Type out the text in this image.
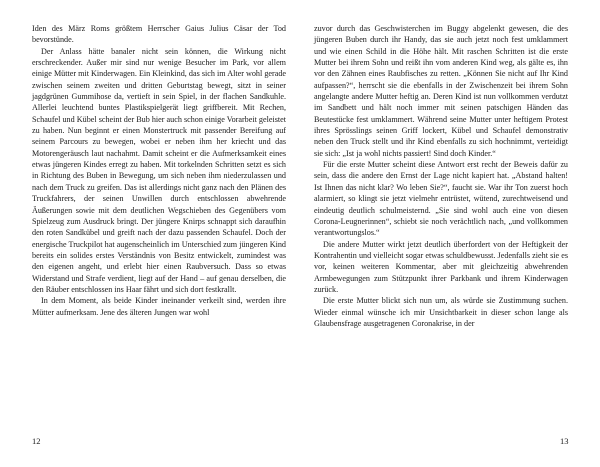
Iden des März Roms größtem Herrscher Gaius Julius Cäsar der Tod bevorstünde.

Der Anlass hätte banaler nicht sein können, die Wirkung nicht erschreckender. Außer mir sind nur wenige Besucher im Park, vor allem einige Mütter mit Kinderwagen. Ein Kleinkind, das sich im Alter wohl gerade zwischen seinem zweiten und dritten Geburtstag bewegt, sitzt in seiner jagdgrünen Gummihose da, vertieft in sein Spiel, in der flachen Sandkuhle. Allerlei leuchtend buntes Plastikspielgerät liegt griffbereit. Mit Rechen, Schaufel und Kübel scheint der Bub hier auch schon einige Vorarbeit geleistet zu haben. Nun beginnt er einen Monstertruck mit passender Bereifung auf seinem Parcours zu bewegen, wobei er neben ihm her kriecht und das Motorengeräusch laut nachahmt. Damit scheint er die Aufmerksamkeit eines etwas jüngeren Kindes erregt zu haben. Mit torkelnden Schritten setzt es sich in Richtung des Buben in Bewegung, um sich neben ihm niederzulassen und nach dem Truck zu greifen. Das ist allerdings nicht ganz nach den Plänen des Truckfahrers, der seinen Unwillen durch entschlossen abwehrende Äußerungen sowie mit dem deutlichen Wegschieben des Gegenübers vom Spielzeug zum Ausdruck bringt. Der jüngere Knirps schnappt sich daraufhin den roten Sandkübel und greift nach der dazu passenden Schaufel. Doch der energische Truckpilot hat augenscheinlich im Unterschied zum jüngeren Kind bereits ein solides erstes Verständnis von Besitz entwickelt, zumindest was den eigenen angeht, und erlebt hier einen Raubversuch. Dass so etwas Widerstand und Strafe verdient, liegt auf der Hand – auf genau derselben, die den Räuber entschlossen ins Haar fährt und sich dort festkrallt.

In dem Moment, als beide Kinder ineinander verkeilt sind, werden ihre Mütter aufmerksam. Jene des älteren Jungen war wohl

12

zuvor durch das Geschwisterchen im Buggy abgelenkt gewesen, die des jüngeren Buben durch ihr Handy, das sie auch jetzt noch fest umklammert und wie einen Schild in die Höhe hält. Mit raschen Schritten ist die erste Mutter bei ihrem Sohn und reißt ihn vom anderen Kind weg, als gälte es, ihn vor den Zähnen eines Raubfisches zu retten. „Können Sie nicht auf Ihr Kind aufpassen?“, herrscht sie die ebenfalls in der Zwischenzeit bei ihrem Sohn angelangte andere Mutter heftig an. Deren Kind ist nun vollkommen verdutzt im Sandbett und hält noch immer mit seinen patschigen Händen das Beutestücke fest umklammert. Während seine Mutter unter heftigem Protest ihres Sprösslings seinen Griff lockert, Kübel und Schaufel demonstrativ neben den Truck stellt und ihr Kind ebenfalls zu sich hochnimmt, verteidigt sie sich: „Ist ja wohl nichts passiert! Sind doch Kinder.“

Für die erste Mutter scheint diese Antwort erst recht der Beweis dafür zu sein, dass die andere den Ernst der Lage nicht kapiert hat. „Abstand halten! Ist Ihnen das nicht klar? Wo leben Sie?“, faucht sie. War ihr Ton zuerst hoch alarmiert, so klingt sie jetzt vielmehr entrüstet, wütend, zurechtweisend und eindeutig deutlich schulmeisternd. „Sie sind wohl auch eine von diesen Corona-Leugnerinnen“, schiebt sie noch verächtlich nach, „und vollkommen verantwortungslos.“

Die andere Mutter wirkt jetzt deutlich überfordert von der Heftigkeit der Kontrahentin und vielleicht sogar etwas schuldbewusst. Jedenfalls zieht sie es vor, keinen weiteren Kommentar, aber mit gleichzeitig abwehrenden Armbewegungen zum Stützpunkt ihrer Parkbank und ihrem Kinderwagen zurück.

Die erste Mutter blickt sich nun um, als würde sie Zustimmung suchen. Wieder einmal wünsche ich mir Unsichtbarkeit in dieser schon lange als Glaubensfrage ausgetragenen Coronakrise, in der

13
